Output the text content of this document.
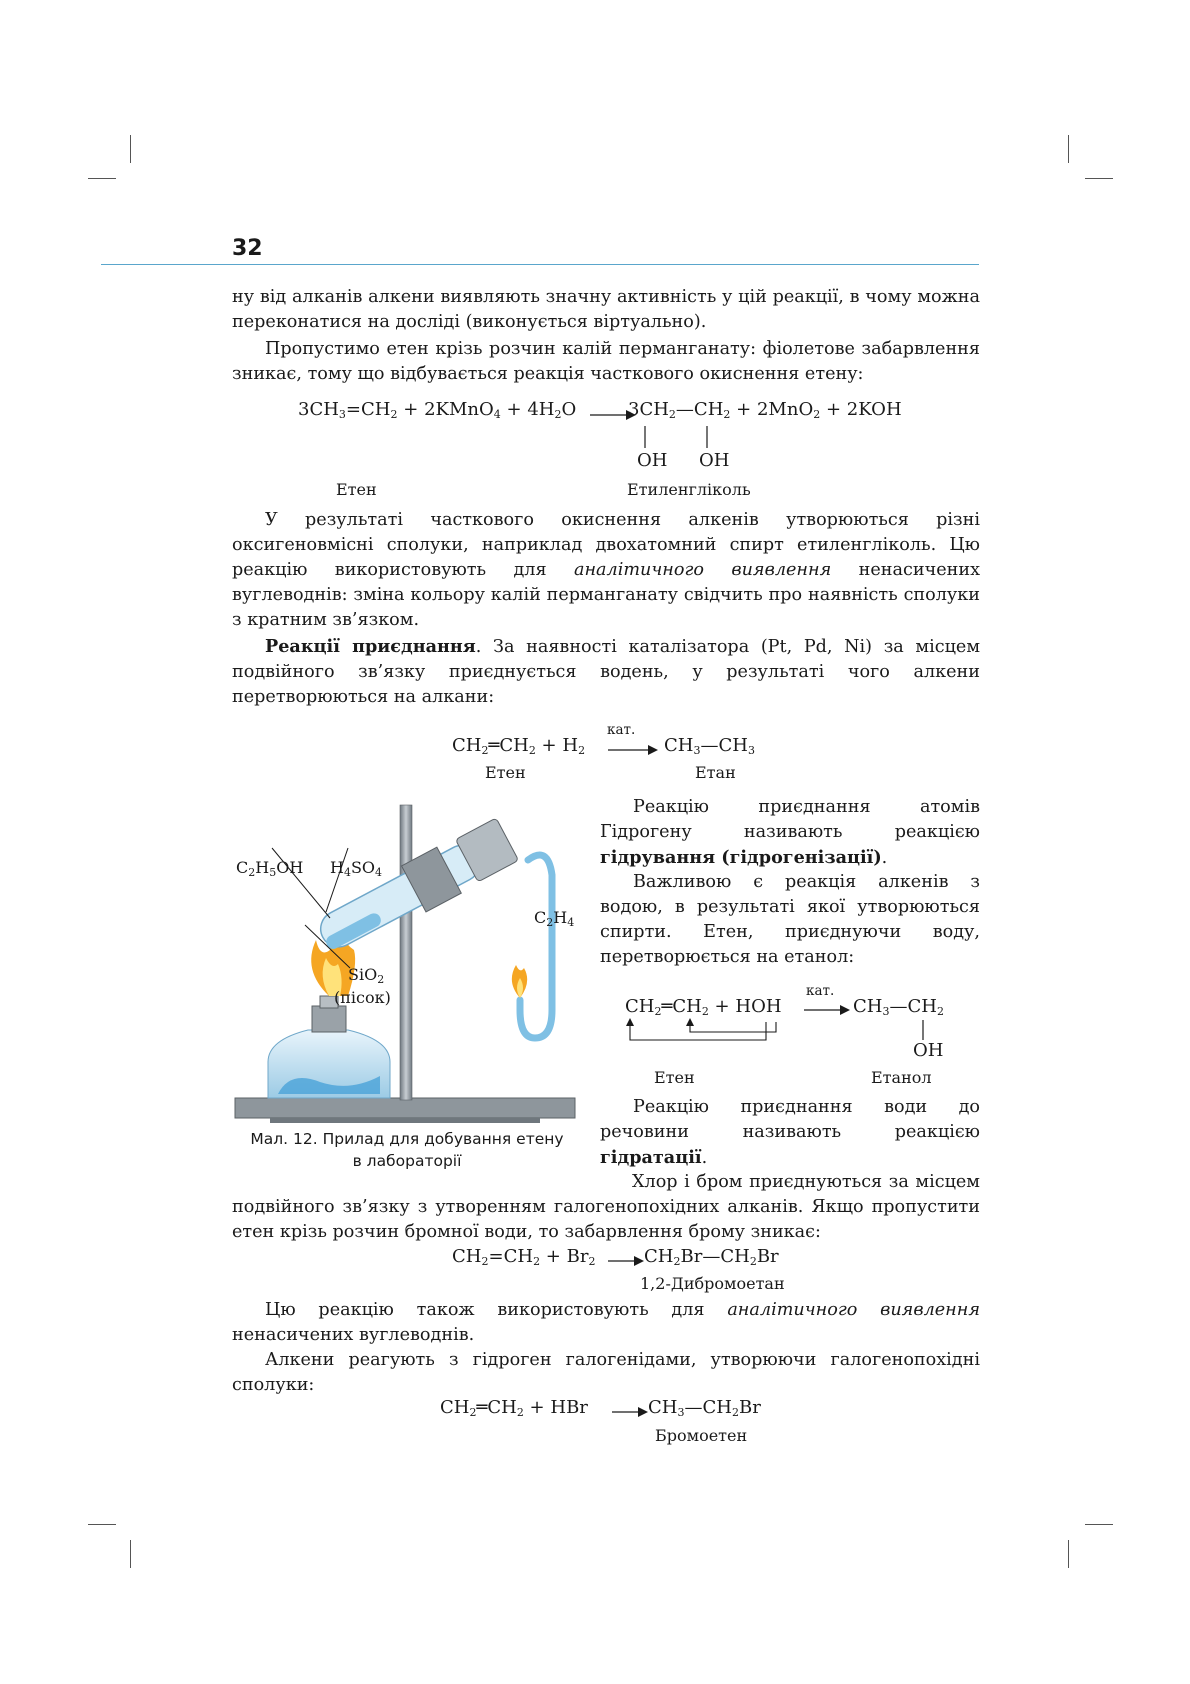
32
ну від алканів алкени виявляють значну активність у цій реакції, в чому можна переконатися на досліді (виконується віртуально).
Пропустимо етен крізь розчин калій перманганату: фіолетове забарвлення зникає, тому що відбувається реакція часткового окиснення етену:
$3CH_3=CH_2$ + 2KMnO$_4$ + $4H_2O$ →
$3CH_2—CH_2 + 2MnO_2 + 2KOH$
OH OH
Етен	Етиленгліколь
У результаті часткового окиснення алкенів утворюються різні оксигеновмісні сполуки, наприклад двохатомний спирт етиленгліколь. Цю реакцію використовують для аналітичного виявлення ненасичених вуглеводнів: зміна кольору калій перманганату свідчить про наявність сполуки з кратним зв’язком.
Реакції приєднання. За наявності каталізатора (Pt, Pd, Ni) за місцем подвійного зв’язку приєднується водень, у результаті чого алкени перетворюються на алкани:
кат.
$CH_2═CH_2 + H_2$ → $CH_3—CH_3$
Етен	Етан
$C_2H_5OH$ $H_4SO_4$
$C_2H_4$
SiO$_2$
(пісок)
Мал. 12. Прилад для добування етену
в лабораторії
Реакцію приєднання атомів Гідрогену називають реакцією гідрування (гідрогенізації).
Важливою є реакція алкенів з водою, в результаті якої утворюються спирти. Етен, приєднуючи воду, перетворюється на етанол:
кат.
$CH_2═CH_2$ + HOH → $CH_3—CH_2$
OH
Етен	Етанол
Реакцію приєднання води до речовини називають реакцією гідратації.
Хлор і бром приєднуються за місцем подвійного зв’язку з утворенням галогенопохідних алканів. Якщо пропустити етен крізь розчин бромної води, то забарвлення брому зникає:
$CH_2=CH_2 + Br_2$ → $CH_2Br—CH_2Br$
1,2-Дибромоетан
Цю реакцію також використовують для аналітичного виявлення ненасичених вуглеводнів.
Алкени реагують з гідроген галогенідами, утворюючи галогенопохідні сполуки:
$CH_2═CH_2$ + HBr → $CH_3—CH_2Br$
Бромоетен
